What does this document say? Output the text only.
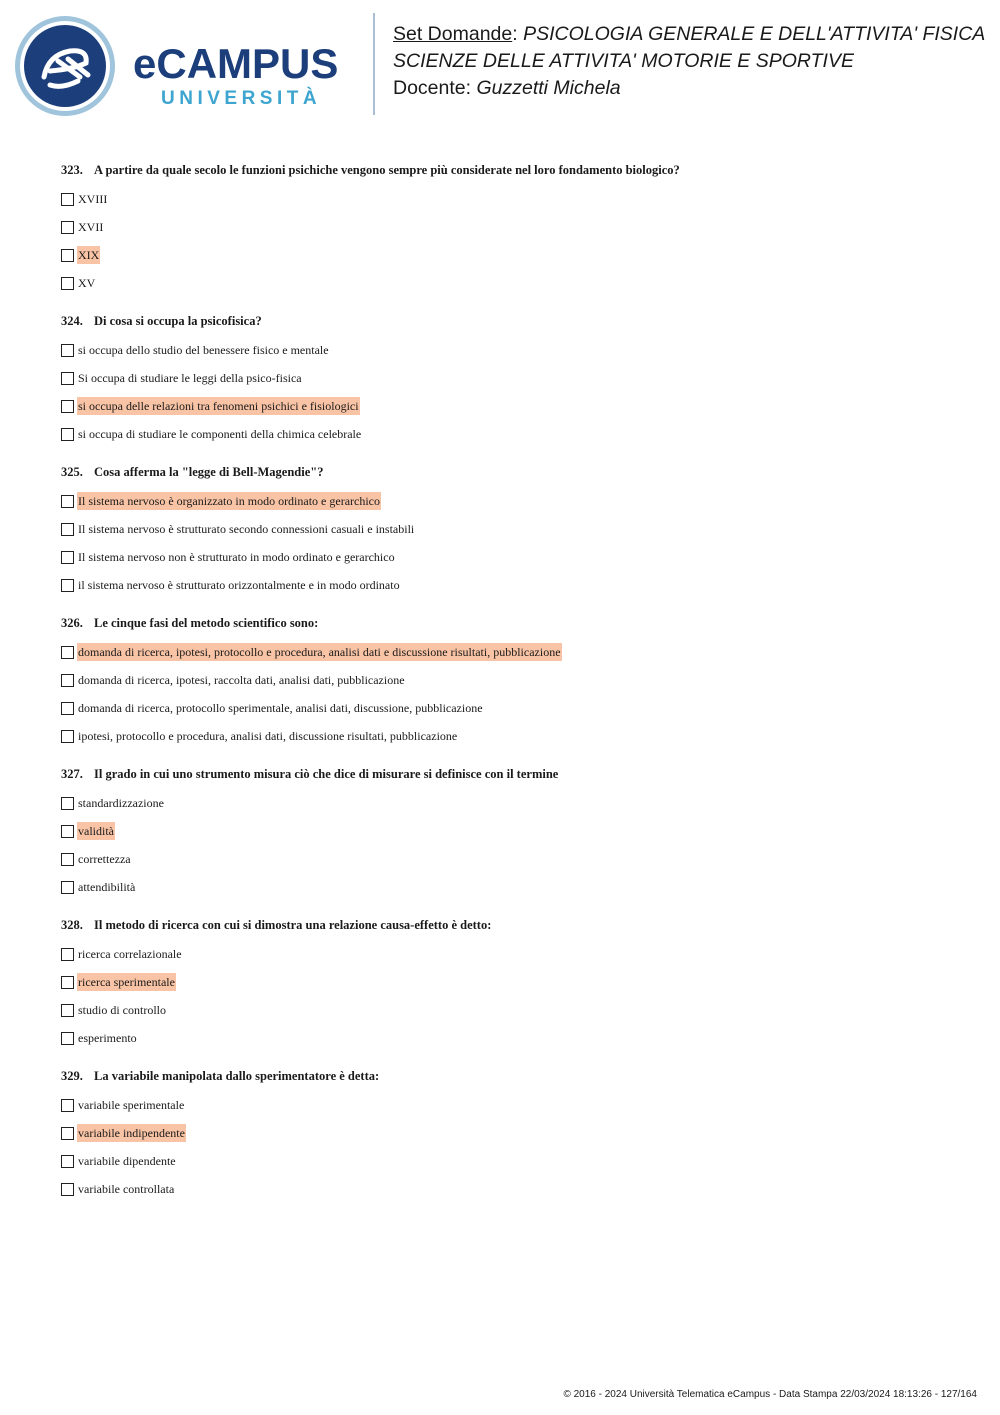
eCAMPUS
UNIVERSITÀ
Set Domande: PSICOLOGIA GENERALE E DELL'ATTIVITA' FISICA
SCIENZE DELLE ATTIVITA' MOTORIE E SPORTIVE
Docente: Guzzetti Michela
323. A partire da quale secolo le funzioni psichiche vengono sempre più considerate nel loro fondamento biologico?
XVIII
XVII
XIX
XV
324. Di cosa si occupa la psicofisica?
si occupa dello studio del benessere fisico e mentale
Si occupa di studiare le leggi della psico-fisica
si occupa delle relazioni tra fenomeni psichici e fisiologici
si occupa di studiare le componenti della chimica celebrale
325. Cosa afferma la "legge di Bell-Magendie"?
Il sistema nervoso è organizzato in modo ordinato e gerarchico
Il sistema nervoso è strutturato secondo connessioni casuali e instabili
Il sistema nervoso non è strutturato in modo ordinato e gerarchico
il sistema nervoso è strutturato orizzontalmente e in modo ordinato
326. Le cinque fasi del metodo scientifico sono:
domanda di ricerca, ipotesi, protocollo e procedura, analisi dati e discussione risultati, pubblicazione
domanda di ricerca, ipotesi, raccolta dati, analisi dati, pubblicazione
domanda di ricerca, protocollo sperimentale, analisi dati, discussione, pubblicazione
ipotesi, protocollo e procedura, analisi dati, discussione risultati, pubblicazione
327. Il grado in cui uno strumento misura ciò che dice di misurare si definisce con il termine
standardizzazione
validità
correttezza
attendibilità
328. Il metodo di ricerca con cui si dimostra una relazione causa-effetto è detto:
ricerca correlazionale
ricerca sperimentale
studio di controllo
esperimento
329. La variabile manipolata dallo sperimentatore è detta:
variabile sperimentale
variabile indipendente
variabile dipendente
variabile controllata
© 2016 - 2024 Università Telematica eCampus - Data Stampa 22/03/2024 18:13:26 - 127/164
